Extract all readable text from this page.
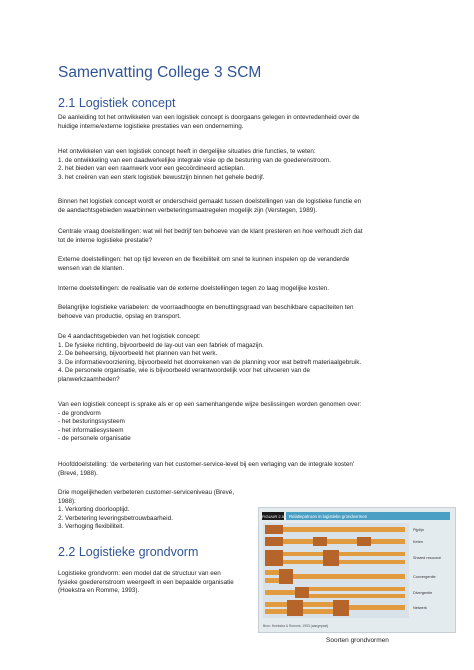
Samenvatting College 3 SCM
2.1 Logistiek concept
De aanleiding tot het ontwikkelen van een logistiek concept is doorgaans gelegen in ontevredenheid over de
huidige interne/externe logistieke prestaties van een onderneming.
Het ontwikkelen van een logistiek concept heeft in dergelijke situaties drie functies, te weten:
1. de ontwikkeling van een daadwerkelijke integrale visie op de besturing van de goederenstroom.
2. het bieden van een raamwerk voor een gecoördineerd actieplan.
3. het creëren van een sterk logistiek bewustzijn binnen het gehele bedrijf.
Binnen het logistiek concept wordt er onderscheid gemaakt tussen doelstellingen van de logistieke functie en
de aandachtsgebieden waarbinnen verbeteringsmaatregelen mogelijk zijn (Verstegen, 1989).
Centrale vraag doelstellingen: wat wil het bedrijf ten behoeve van de klant presteren en hoe verhoudt zich dat
tot de interne logistieke prestatie?
Externe doelstellingen: het op tijd leveren en de flexibiliteit om snel te kunnen inspelen op de veranderde
wensen van de klanten.
Interne doelstellingen: de realisatie van de externe doelstellingen tegen zo laag mogelijke kosten.
Belangrijke logistieke variabelen: de voorraadhoogte en benuttingsgraad van beschikbare capaciteiten ten
behoeve van productie, opslag en transport.
De 4 aandachtsgebieden van het logistiek concept:
1. De fysieke richting, bijvoorbeeld de lay-out van een fabriek of magazijn.
2. De beheersing, bijvoorbeeld het plannen van het werk.
3. De informatievoorziening, bijvoorbeeld het doorrekenen van de planning voor wat betreft materiaalgebruik.
4. De personele organisatie, wie is bijvoorbeeld verantwoordelijk voor het uitvoeren van de
planwerkzaamheden?
Van een logistiek concept is sprake als er op een samenhangende wijze beslissingen worden genomen over:
- de grondvorm
- het besturingssysteem
- het informatiesysteem
- de personele organisatie
Hoofddoelstelling: 'de verbetering van het customer-service-level bij een verlaging van de integrale kosten'
(Brevé, 1988).
Drie mogelijkheden verbeteren customer-serviceniveau (Brevé,
1988):
1. Verkorting doorlooptijd.
2. Verbetering leveringsbetrouwbaarheid.
3. Verhoging flexibiliteit.
2.2 Logistieke grondvorm
Logistieke grondvorm: een model dat de structuur van een
fysieke goederenstroom weergeeft in een bepaalde organisatie
(Hoekstra en Romme, 1993).
FIGUUR 2.5 Relatiepatroon in logistieke grondvormen
Pijplijn
Keten
Shared resource
Convergentie
Divergentie
Netwerk
Bron: Hoekstra & Romme, 1993 (aangepast)
Soorten grondvormen
